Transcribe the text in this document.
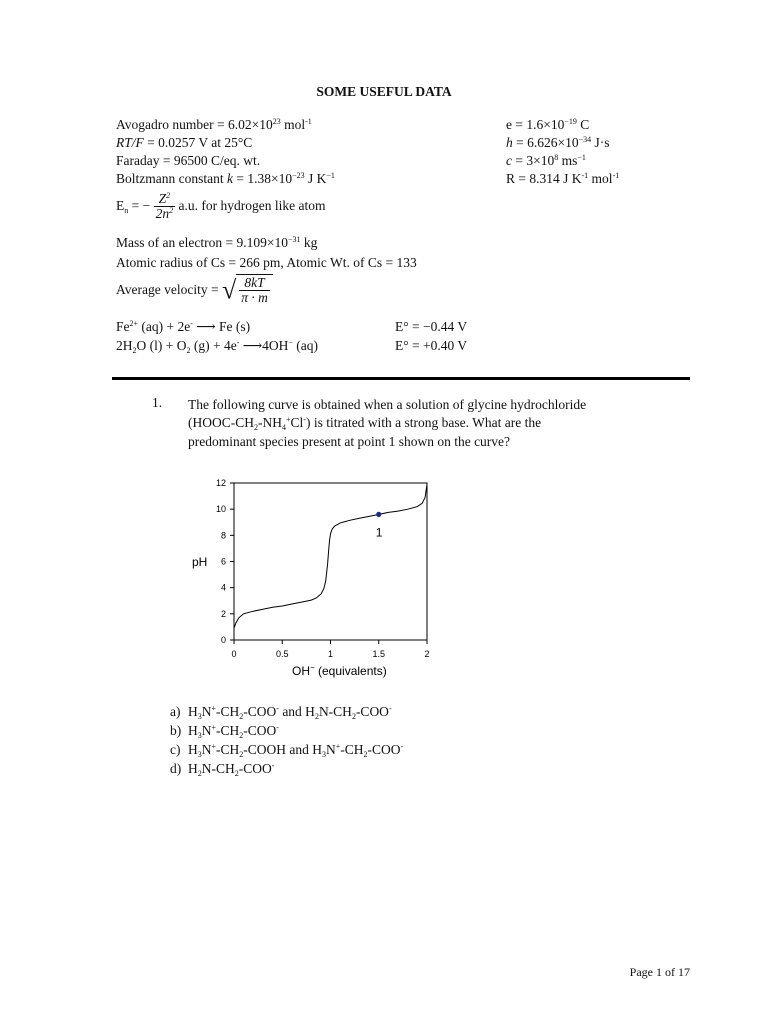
SOME USEFUL DATA
Avogadro number = $6.02\times 10^{23}$ mol$^{-1}$
RT/F = 0.0257 V at 25°C
Faraday = 96500 C/eq. wt.
Boltzmann constant $k = 1.38\times 10^{-23}$ J $K^{-1}$
$e = 1.6\times 10^{-19}$ C
$h = 6.626\times 10^{-34}$ J·s
$c = 3\times 10^8$ $ms^{-1}$
R = 8.314 J $K^{-1}$ mol$^{-1}$
$E_n$ = − $\frac{Z^2}{2n^2} a.u$. for hydrogen like atom
Mass of an electron = $9.109\times 10^{-31}$ kg
Atomic radius of Cs = 266 pm, Atomic Wt. of Cs = 133
Average velocity = √ $\frac{8kT}{\pi \cdot m}$
$Fe^{2+}$ (aq) + 2e- ⟶ Fe (s)	E° = −0.44 V
$2H_2O$ $(l) + O_2$ (g) + 4e- ⟶4OH− (aq)	E° = +0.40 V
1. The following curve is obtained when a solution of glycine hydrochloride
$(HOOC-CH_2-NH_4^+Cl^-)$ is titrated with a strong base. What are the
predominant species present at point 1 shown on the curve?
0
2
4
6
8
10
12
0	0.5	1	1.5	2
1
pH
OH− (equivalents)
a) $H_3N^+-CH_2-COO^-$ and $H_2N-CH_2-COO^-$
b) $H_3N^+-CH_2-COO^-$
c) $H_3N^+-CH_2$-COOH and $H_3N^+-CH_2-COO^-$
d) $H_2N-CH_2-COO^-$
Page 1 of 17
